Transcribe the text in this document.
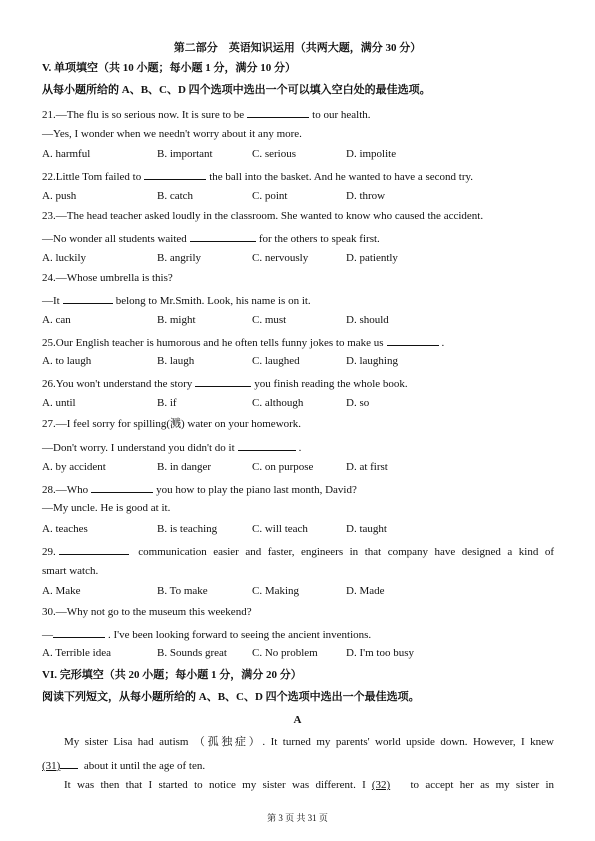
第二部分　英语知识运用（共两大题，满分 30 分）
V. 单项填空（共 10 小题；每小题 1 分，满分 10 分）
从每小题所给的 A、B、C、D 四个选项中选出一个可以填入空白处的最佳选项。
21.—The flu is so serious now. It is sure to be	to our health.
—Yes, I wonder when we needn't worry about it any more.
A. harmful	B. important	C. serious	D. impolite
22.Little Tom failed to	the ball into the basket. And he wanted to have a second try.
A. push	B. catch	C. point	D. throw
23.—The head teacher asked loudly in the classroom. She wanted to know who caused the accident.
—No wonder all students waited	for the others to speak first.
A. luckily	B. angrily	C. nervously	D. patiently
24.—Whose umbrella is this?
—It	belong to Mr.Smith. Look, his name is on it.
A. can	B. might	C. must	D. should
25.Our English teacher is humorous and he often tells funny jokes to make us	.
A. to laugh	B. laugh	C. laughed	D. laughing
26.You won't understand the story	you finish reading the whole book.
A. until	B. if	C. although	D. so
27.—I feel sorry for spilling(溅) water on your homework.
—Don't worry. I understand you didn't do it	.
A. by accident	B. in danger	C. on purpose	D. at first
28.—Who	you how to play the piano last month, David?
—My uncle. He is good at it.
A. teaches	B. is teaching	C. will teach	D. taught
29.	communication easier and faster, engineers in that company have designed a kind of
smart watch.
A. Make	B. To make	C. Making	D. Made
30.—Why not go to the museum this weekend?
—	. I've been looking forward to seeing the ancient inventions.
A. Terrible idea	B. Sounds great C. No problem	D. I'm too busy
VI. 完形填空（共 20 小题；每小题 1 分，满分 20 分）
阅读下列短文，从每小题所给的 A、B、C、D 四个选项中选出一个最佳选项。
A
My sister Lisa had autism （孤独症）. It turned my parents' world upside down. However, I knew
(31) about it until the age of ten.
It was then that I started to notice my sister was different. I (32) to accept her as my sister in
第 3 页 共 31 页
